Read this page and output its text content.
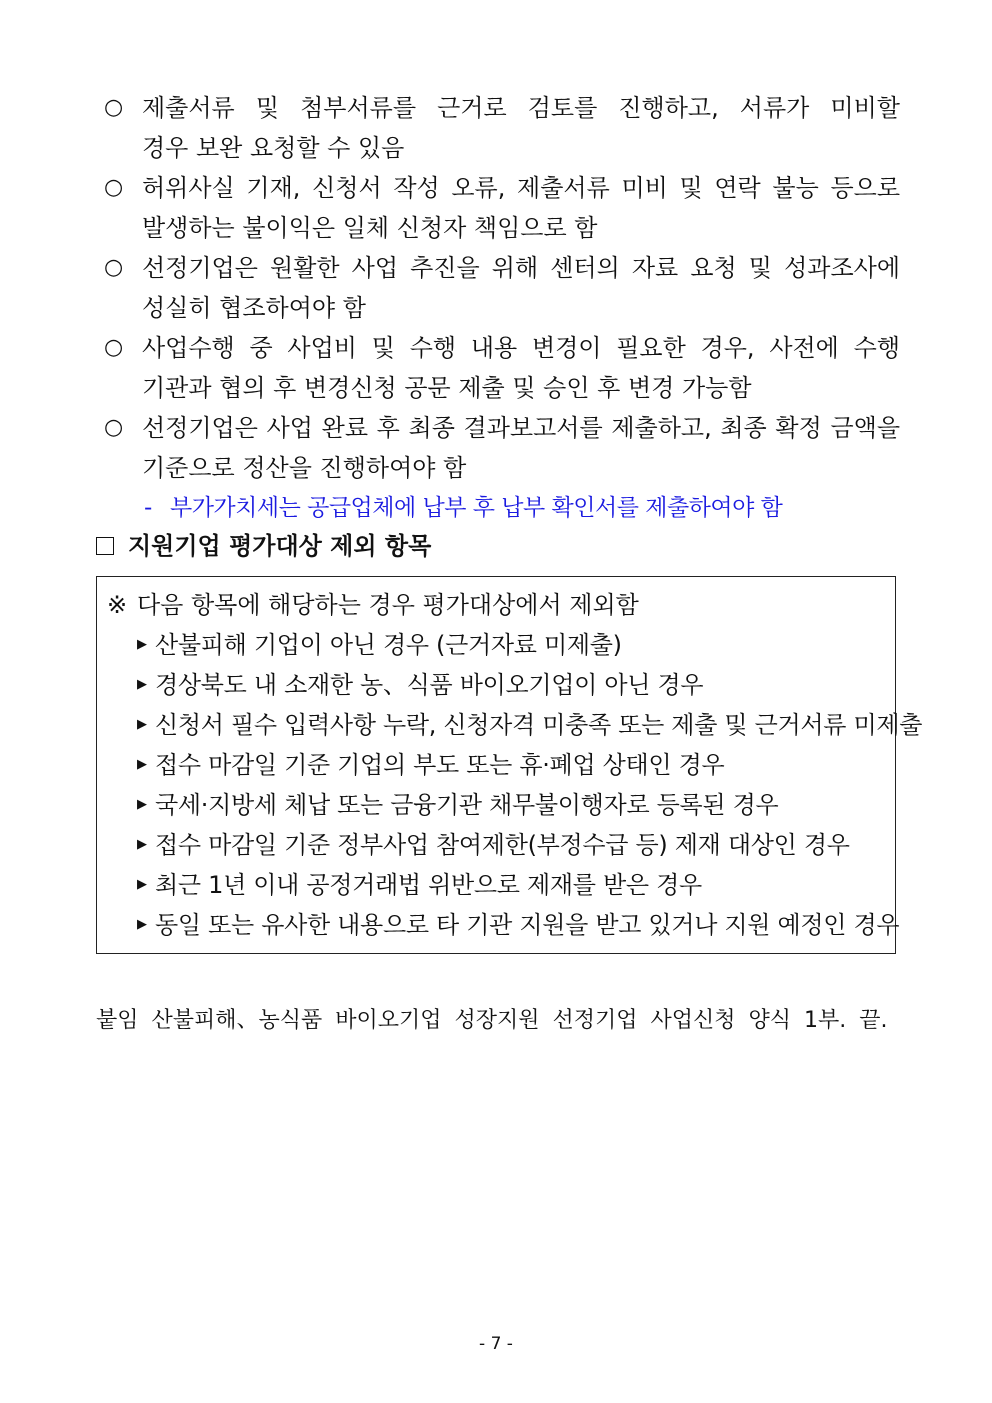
○ 제출서류 및 첨부서류를 근거로 검토를 진행하고, 서류가 미비할
경우 보완 요청할 수 있음
○ 허위사실 기재, 신청서 작성 오류, 제출서류 미비 및 연락 불능 등으로
발생하는 불이익은 일체 신청자 책임으로 함
○ 선정기업은 원활한 사업 추진을 위해 센터의 자료 요청 및 성과조사에
성실히 협조하여야 함
○ 사업수행 중 사업비 및 수행 내용 변경이 필요한 경우, 사전에 수행
기관과 협의 후 변경신청 공문 제출 및 승인 후 변경 가능함
○ 선정기업은 사업 완료 후 최종 결과보고서를 제출하고, 최종 확정 금액을
기준으로 정산을 진행하여야 함
- 부가가치세는 공급업체에 납부 후 납부 확인서를 제출하여야 함
지원기업 평가대상 제외 항목
※ 다음 항목에 해당하는 경우 평가대상에서 제외함
▶ 산불피해 기업이 아닌 경우 (근거자료 미제출)
▶ 경상북도 내 소재한 농、식품 바이오기업이 아닌 경우
▶ 신청서 필수 입력사항 누락, 신청자격 미충족 또는 제출 및 근거서류 미제출
▶ 접수 마감일 기준 기업의 부도 또는 휴·폐업 상태인 경우
▶ 국세·지방세 체납 또는 금융기관 채무불이행자로 등록된 경우
▶ 접수 마감일 기준 정부사업 참여제한(부정수급 등) 제재 대상인 경우
▶ 최근 1년 이내 공정거래법 위반으로 제재를 받은 경우
▶ 동일 또는 유사한 내용으로 타 기관 지원을 받고 있거나 지원 예정인 경우
붙임 산불피해、농식품 바이오기업 성장지원 선정기업 사업신청 양식 1부. 끝.
- 7 -
